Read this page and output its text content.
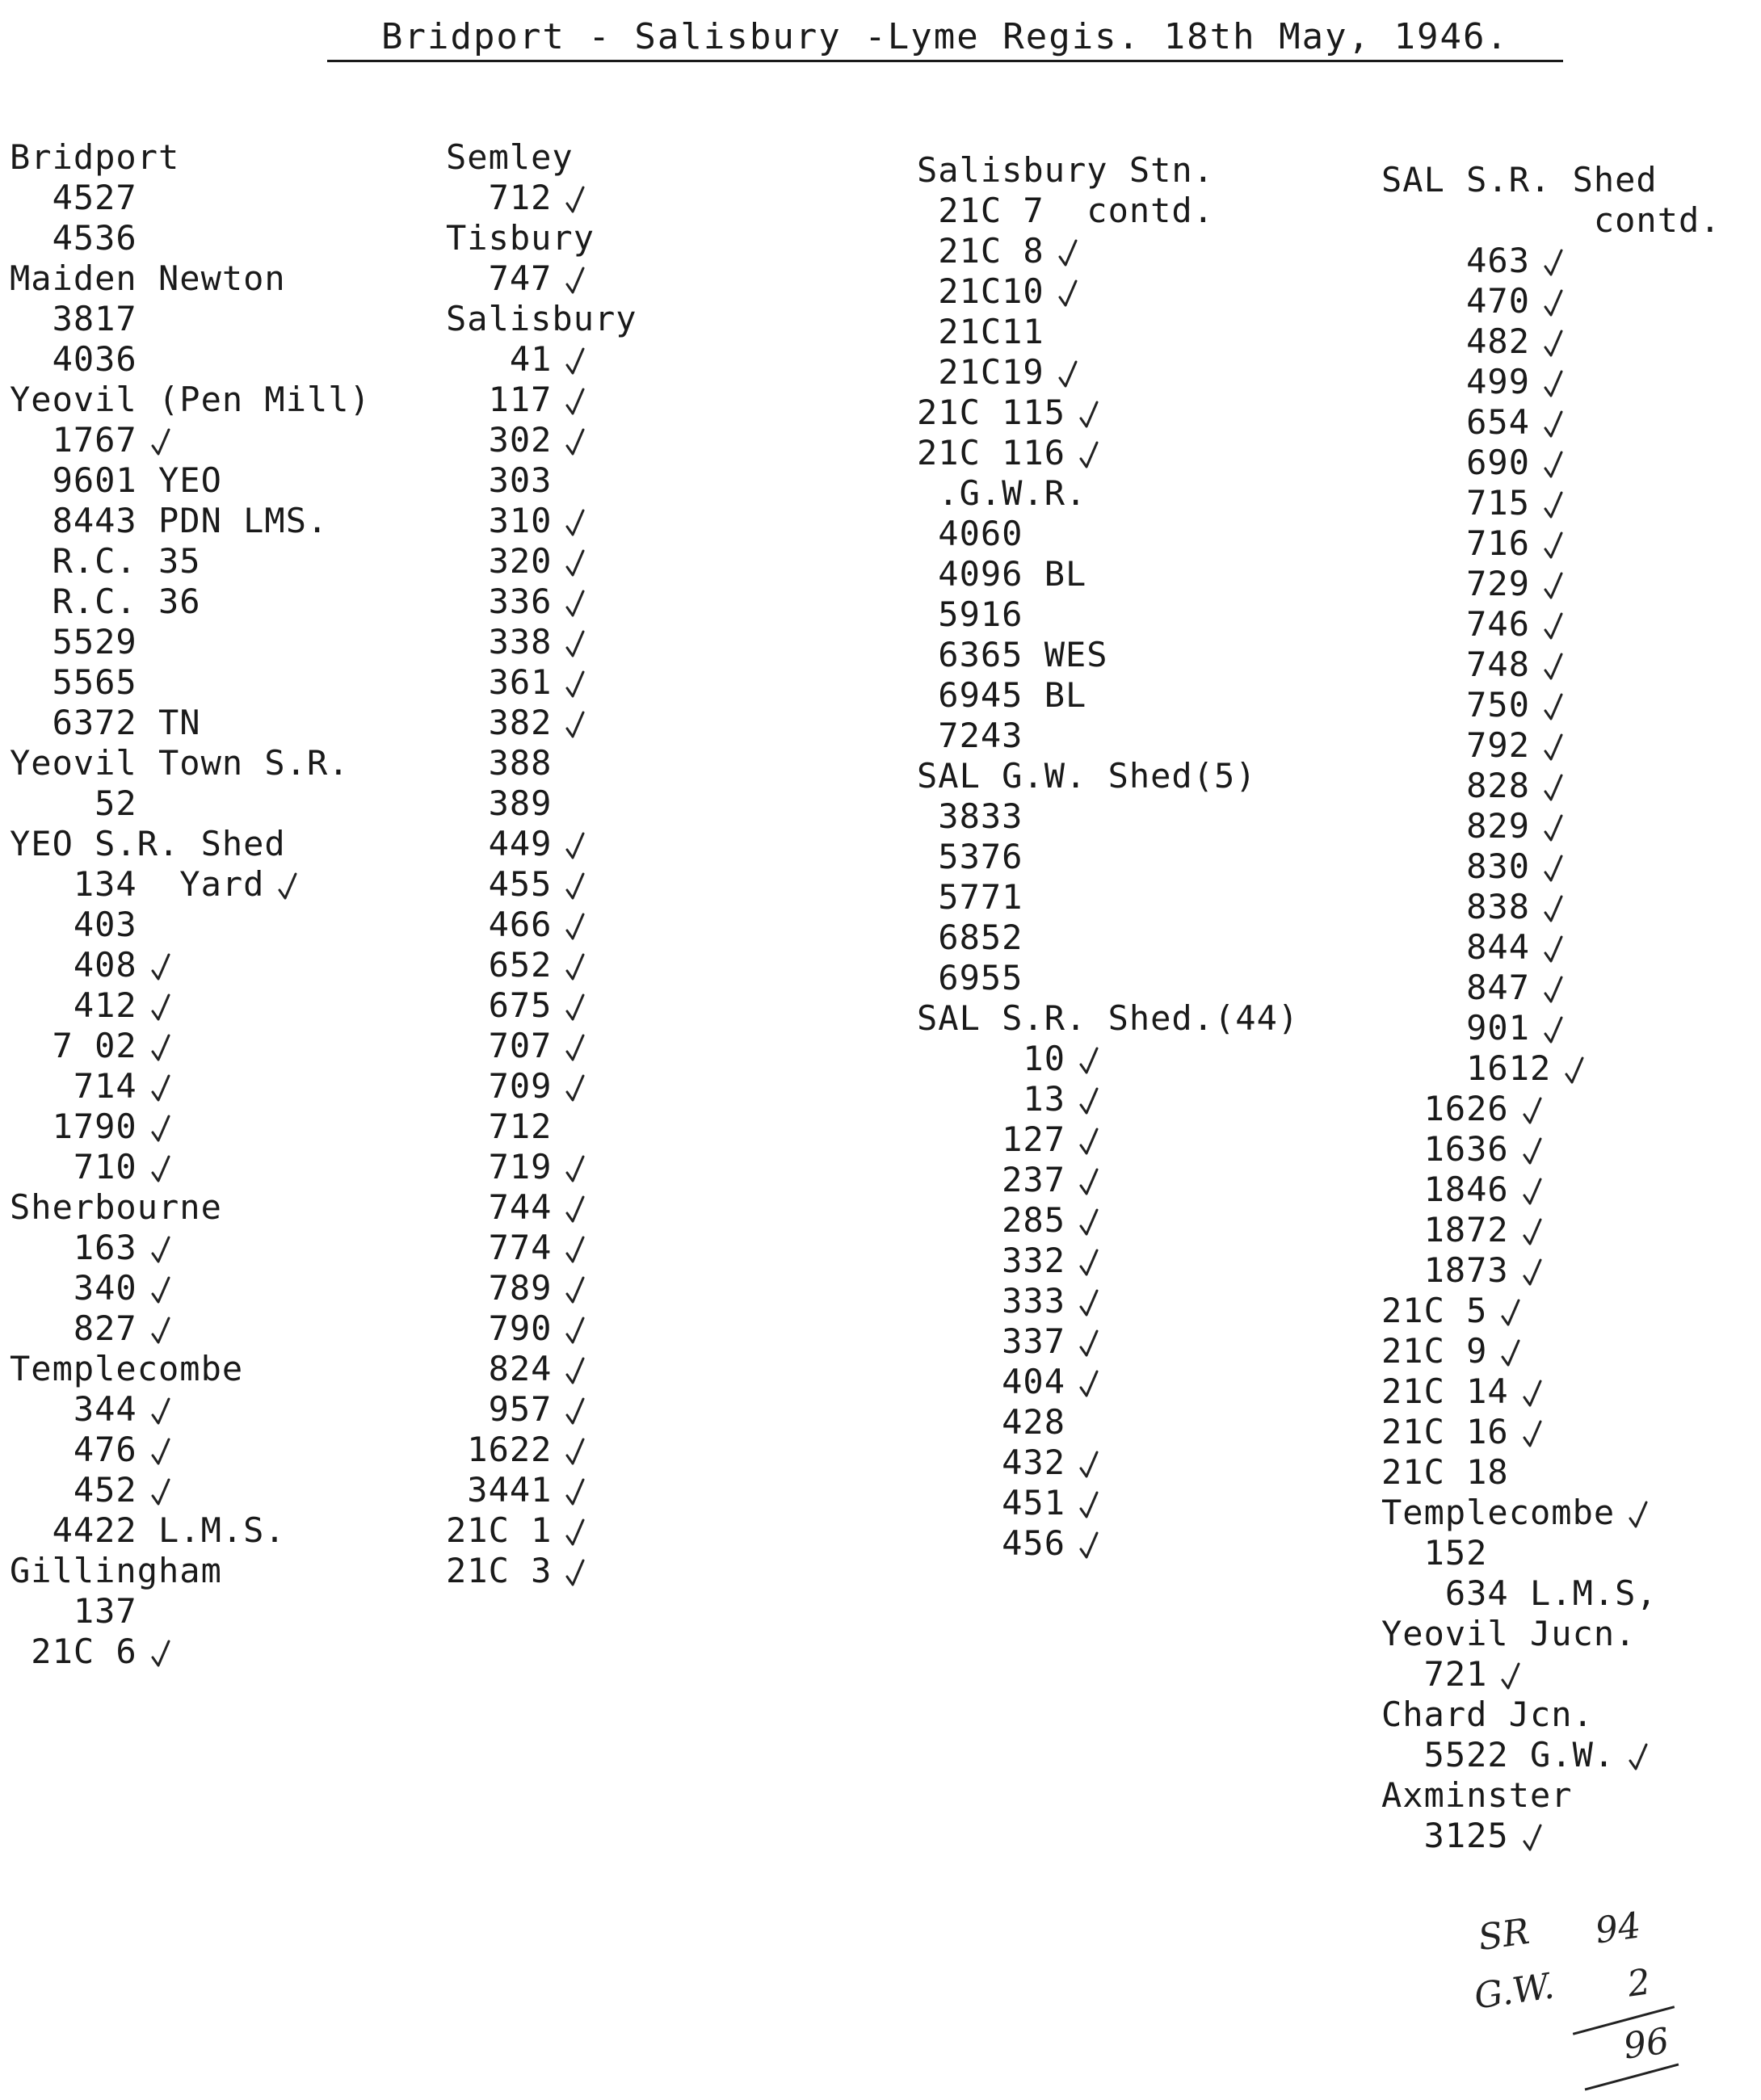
Bridport - Salisbury -Lyme Regis. 18th May, 1946.
Bridport
4527
4536
Maiden Newton
3817
4036
Yeovil (Pen Mill)
1767
9601 YEO
8443 PDN LMS.
R.C. 35
R.C. 36
5529
5565
6372 TN
Yeovil Town S.R.
52
YEO S.R. Shed
134  Yard
403
408
412
7 02
714
1790
710
Sherbourne
163
340
827
Templecombe
344
476
452
4422 L.M.S.
Gillingham
137
21C 6
Semley
712
Tisbury
747
Salisbury
41
117
302
303
310
320
336
338
361
382
388
389
449
455
466
652
675
707
709
712
719
744
774
789
790
824
957
1622
3441
21C 1
21C 3
Salisbury Stn.
21C 7  contd.
21C 8
21C10
21C11
21C19
21C 115
21C 116
.G.W.R.
4060
4096 BL
5916
6365 WES
6945 BL
7243
SAL G.W. Shed(5)
3833
5376
5771
6852
6955
SAL S.R. Shed.(44)
10
13
127
237
285
332
333
337
404
428
432
451
456
SAL S.R. Shed
contd.
463
470
482
499
654
690
715
716
729
746
748
750
792
828
829
830
838
844
847
901
1612
1626
1636
1846
1872
1873
21C 5
21C 9
21C 14
21C 16
21C 18
Templecombe
152
634 L.M.S,
Yeovil Jucn.
721
Chard Jcn.
5522 G.W.
Axminster
3125
SR 94
G.W. 2
96
